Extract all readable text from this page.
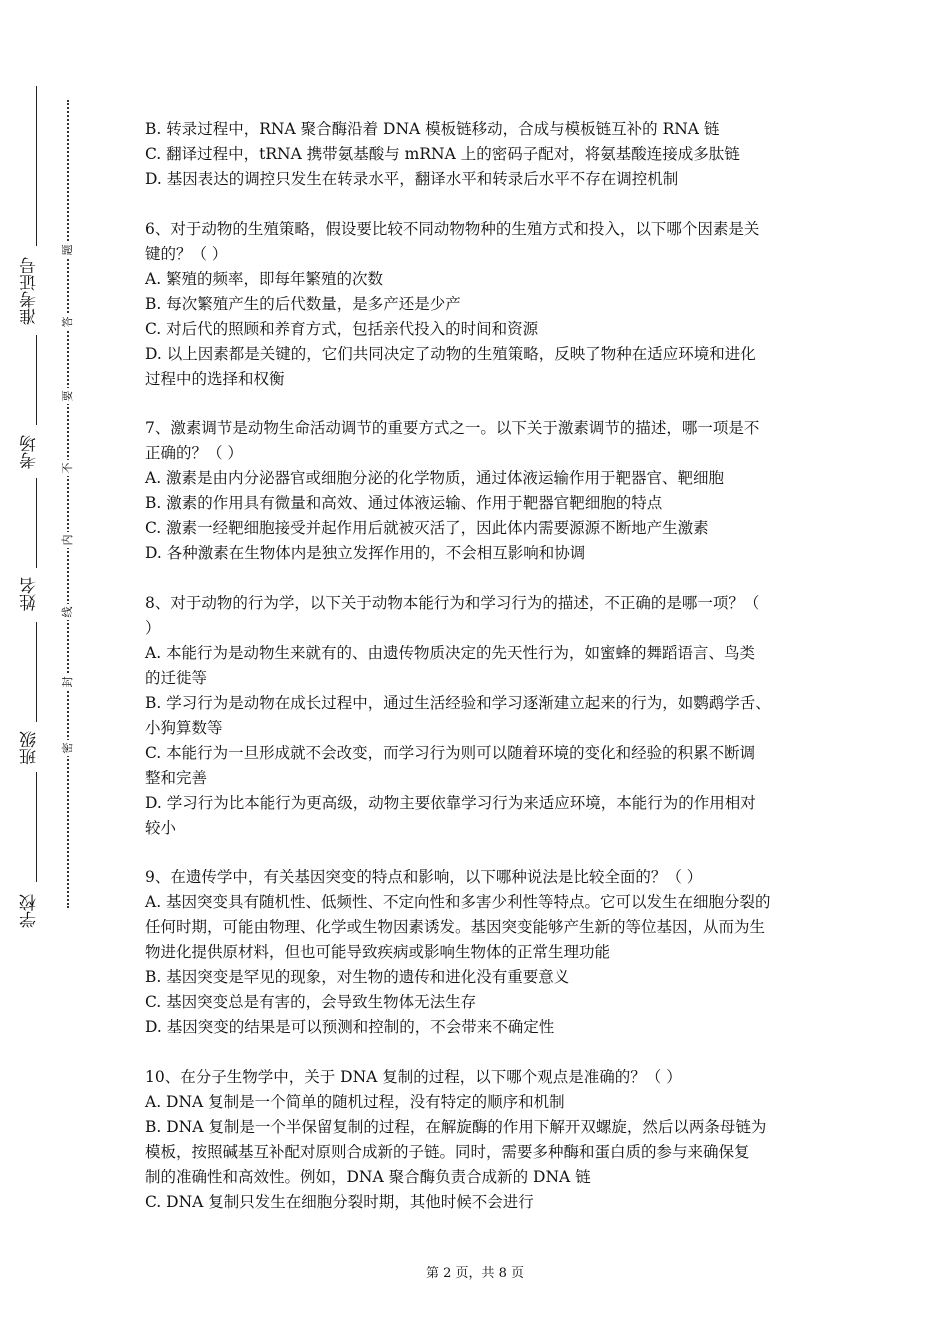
学校
班级
姓名
考场
准考证号
密
封
线
内
不
要
答
题

B. 转录过程中，RNA 聚合酶沿着 DNA 模板链移动，合成与模板链互补的 RNA 链

C. 翻译过程中，tRNA 携带氨基酸与 mRNA 上的密码子配对，将氨基酸连接成多肽链

D. 基因表达的调控只发生在转录水平，翻译水平和转录后水平不存在调控机制

6、对于动物的生殖策略，假设要比较不同动物物种的生殖方式和投入，以下哪个因素是关

键的？（ ）

A. 繁殖的频率，即每年繁殖的次数

B. 每次繁殖产生的后代数量，是多产还是少产

C. 对后代的照顾和养育方式，包括亲代投入的时间和资源

D. 以上因素都是关键的，它们共同决定了动物的生殖策略，反映了物种在适应环境和进化

过程中的选择和权衡

7、激素调节是动物生命活动调节的重要方式之一。以下关于激素调节的描述，哪一项是不

正确的？（ ）

A. 激素是由内分泌器官或细胞分泌的化学物质，通过体液运输作用于靶器官、靶细胞

B. 激素的作用具有微量和高效、通过体液运输、作用于靶器官靶细胞的特点

C. 激素一经靶细胞接受并起作用后就被灭活了，因此体内需要源源不断地产生激素

D. 各种激素在生物体内是独立发挥作用的，不会相互影响和协调

8、对于动物的行为学，以下关于动物本能行为和学习行为的描述，不正确的是哪一项？（

）

A. 本能行为是动物生来就有的、由遗传物质决定的先天性行为，如蜜蜂的舞蹈语言、鸟类

的迁徙等

B. 学习行为是动物在成长过程中，通过生活经验和学习逐渐建立起来的行为，如鹦鹉学舌、

小狗算数等

C. 本能行为一旦形成就不会改变，而学习行为则可以随着环境的变化和经验的积累不断调

整和完善

D. 学习行为比本能行为更高级，动物主要依靠学习行为来适应环境，本能行为的作用相对

较小

9、在遗传学中，有关基因突变的特点和影响，以下哪种说法是比较全面的？（ ）

A. 基因突变具有随机性、低频性、不定向性和多害少利性等特点。它可以发生在细胞分裂的

任何时期，可能由物理、化学或生物因素诱发。基因突变能够产生新的等位基因，从而为生

物进化提供原材料，但也可能导致疾病或影响生物体的正常生理功能

B. 基因突变是罕见的现象，对生物的遗传和进化没有重要意义

C. 基因突变总是有害的，会导致生物体无法生存

D. 基因突变的结果是可以预测和控制的，不会带来不确定性

10、在分子生物学中，关于 DNA 复制的过程，以下哪个观点是准确的？（ ）

A. DNA 复制是一个简单的随机过程，没有特定的顺序和机制

B. DNA 复制是一个半保留复制的过程，在解旋酶的作用下解开双螺旋，然后以两条母链为

模板，按照碱基互补配对原则合成新的子链。同时，需要多种酶和蛋白质的参与来确保复

制的准确性和高效性。例如，DNA 聚合酶负责合成新的 DNA 链

C. DNA 复制只发生在细胞分裂时期，其他时候不会进行

第 2 页，共 8 页
